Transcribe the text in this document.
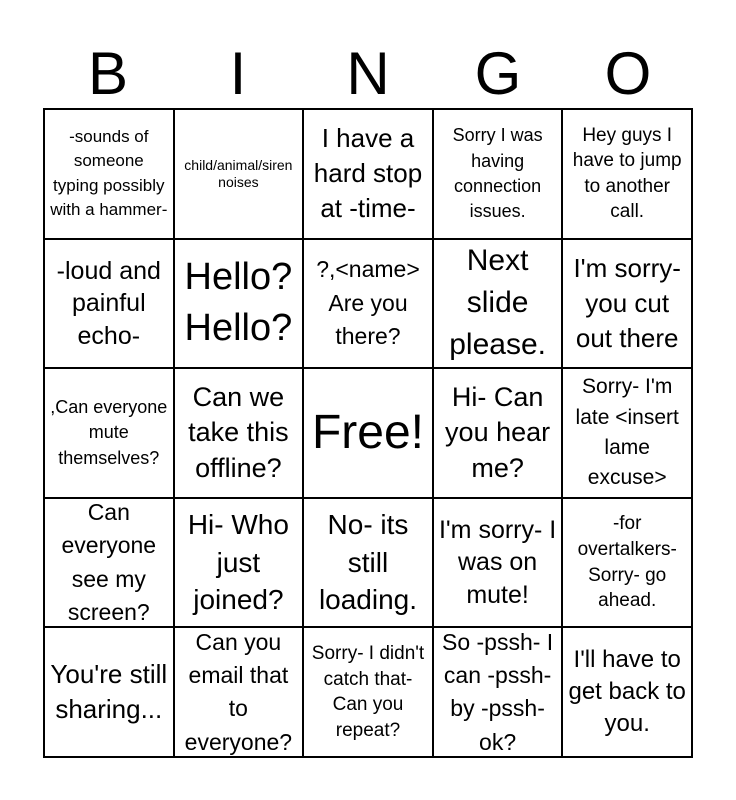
B	I	N	G	O
-sounds of someone typing possibly with a hammer-
child/animal/siren noises
I have a hard stop at -time-
Sorry I was having connection issues.
Hey guys I have to jump to another call.
-loud and painful echo-
Hello? Hello?
?,<name> Are you there?
Next slide please.
I'm sorry- you cut out there
,Can everyone mute themselves?
Can we take this offline?
Free!
Hi- Can you hear me?
Sorry- I'm late <insert lame excuse>
Can everyone see my screen?
Hi- Who just joined?
No- its still loading.
I'm sorry- I was on mute!
-for overtalkers- Sorry- go ahead.
You're still sharing...
Can you email that to everyone?
Sorry- I didn't catch that- Can you repeat?
So -pssh- I can -pssh- by -pssh- ok?
I'll have to get back to you.
